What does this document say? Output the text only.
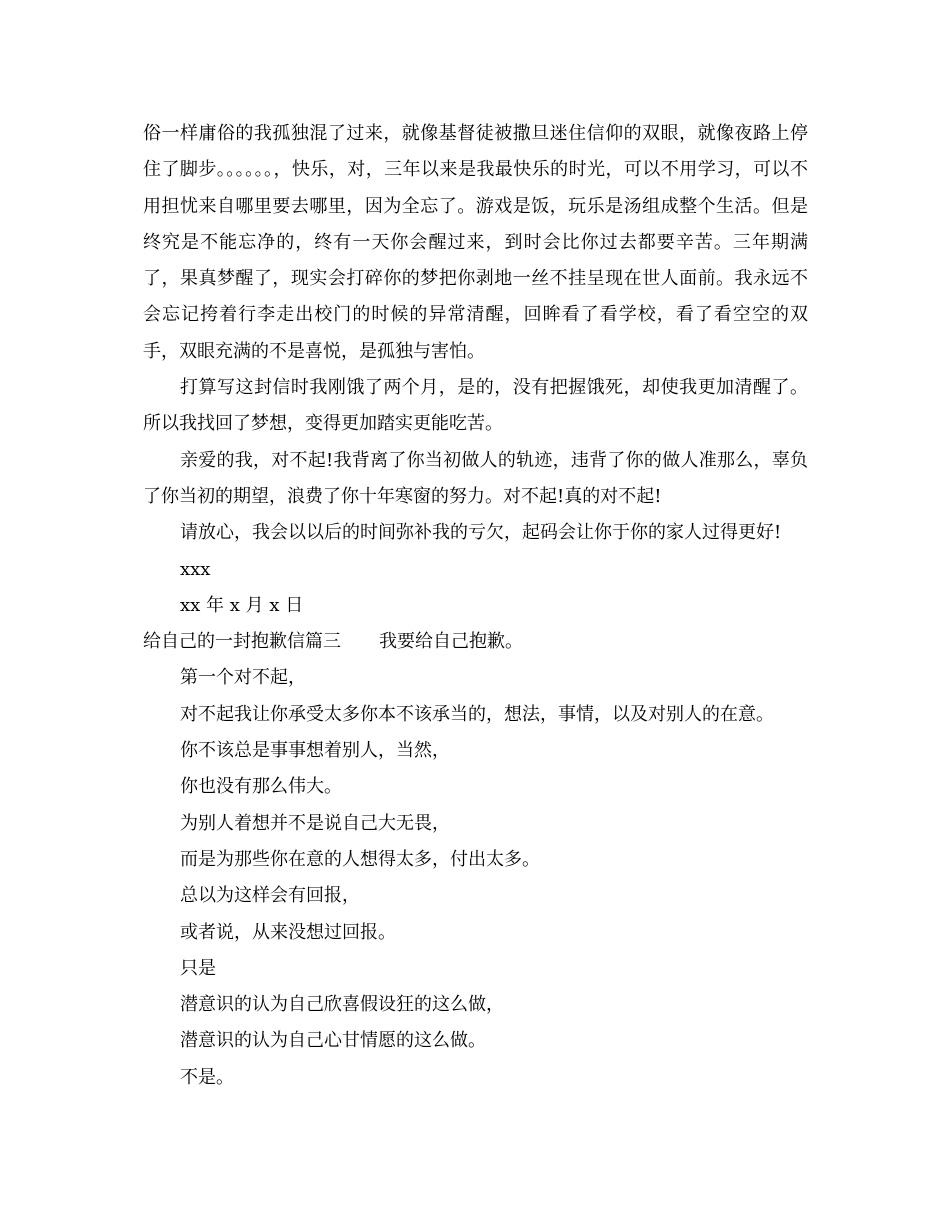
俗一样庸俗的我孤独混了过来，就像基督徒被撒旦迷住信仰的双眼，就像夜路上停住了脚步。。。。。。，快乐，对，三年以来是我最快乐的时光，可以不用学习，可以不用担忧来自哪里要去哪里，因为全忘了。游戏是饭，玩乐是汤组成整个生活。但是终究是不能忘净的，终有一天你会醒过来，到时会比你过去都要辛苦。三年期满了，果真梦醒了，现实会打碎你的梦把你剥地一丝不挂呈现在世人面前。我永远不会忘记挎着行李走出校门的时候的异常清醒，回眸看了看学校，看了看空空的双手，双眼充满的不是喜悦，是孤独与害怕。

打算写这封信时我刚饿了两个月，是的，没有把握饿死，却使我更加清醒了。所以我找回了梦想，变得更加踏实更能吃苦。

亲爱的我，对不起!我背离了你当初做人的轨迹，违背了你的做人准那么，辜负了你当初的期望，浪费了你十年寒窗的努力。对不起!真的对不起!

请放心，我会以以后的时间弥补我的亏欠，起码会让你于你的家人过得更好!

xxx
xx 年 x 月 x 日
给自己的一封抱歉信篇三 我要给自己抱歉。
第一个对不起，
对不起我让你承受太多你本不该承当的，想法，事情，以及对别人的在意。
你不该总是事事想着别人，当然，
你也没有那么伟大。
为别人着想并不是说自己大无畏，
而是为那些你在意的人想得太多，付出太多。
总以为这样会有回报，
或者说，从来没想过回报。
只是
潜意识的认为自己欣喜假设狂的这么做，
潜意识的认为自己心甘情愿的这么做。
不是。
